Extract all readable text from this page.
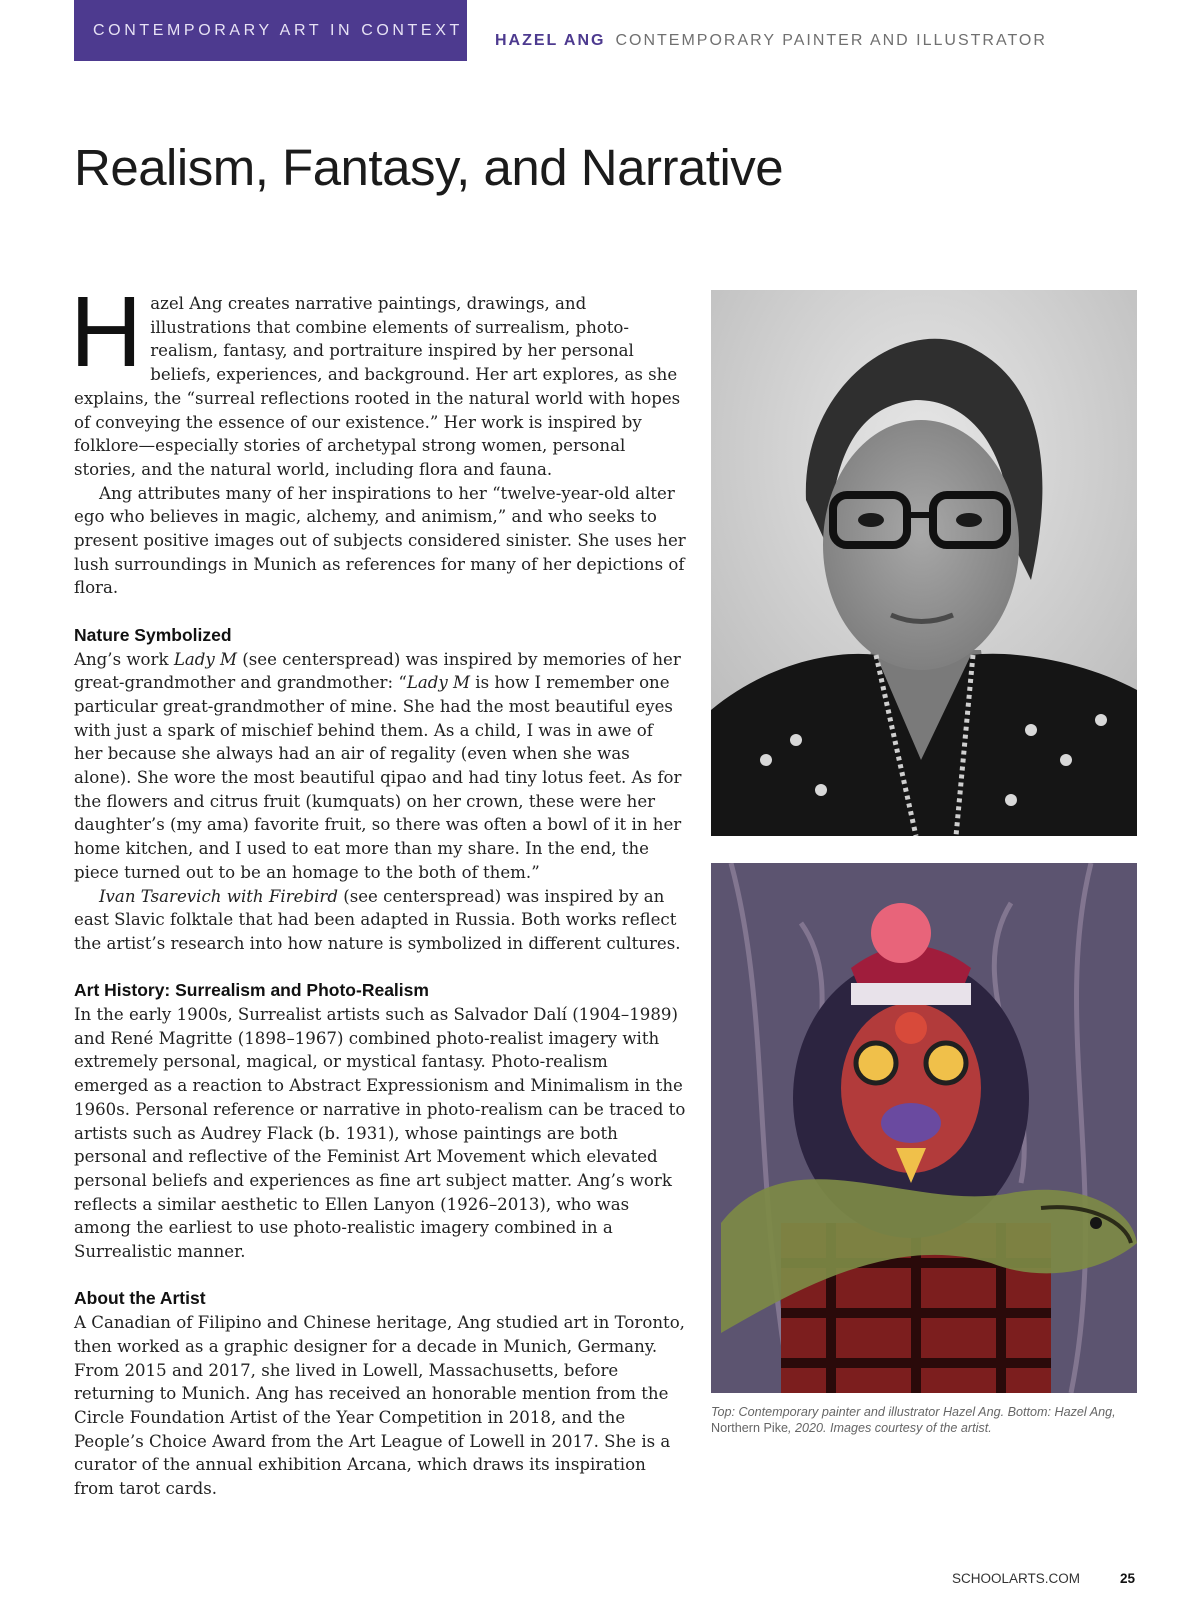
CONTEMPORARY ART IN CONTEXT
HAZEL ANG CONTEMPORARY PAINTER AND ILLUSTRATOR
Realism, Fantasy, and Narrative

Hazel Ang creates narrative paintings, drawings, and illustrations that combine elements of surrealism, photo-realism, fantasy, and portraiture inspired by her personal beliefs, experiences, and background. Her art explores, as she explains, the “surreal reflections rooted in the natural world with hopes of conveying the essence of our existence.” Her work is inspired by folklore—especially stories of archetypal strong women, personal stories, and the natural world, including flora and fauna.

Ang attributes many of her inspirations to her “twelve-year-old alter ego who believes in magic, alchemy, and animism,” and who seeks to present positive images out of subjects considered sinister. She uses her lush surroundings in Munich as references for many of her depictions of flora.

Nature Symbolized

Ang’s work Lady M (see centerspread) was inspired by memories of her great-grandmother and grandmother: “Lady M is how I remember one particular great-grandmother of mine. She had the most beautiful eyes with just a spark of mischief behind them. As a child, I was in awe of her because she always had an air of regality (even when she was alone). She wore the most beautiful qipao and had tiny lotus feet. As for the flowers and citrus fruit (kumquats) on her crown, these were her daughter’s (my ama) favorite fruit, so there was often a bowl of it in her home kitchen, and I used to eat more than my share. In the end, the piece turned out to be an homage to the both of them.”

Ivan Tsarevich with Firebird (see centerspread) was inspired by an east Slavic folktale that had been adapted in Russia. Both works reflect the artist’s research into how nature is symbolized in different cultures.

Art History: Surrealism and Photo-Realism

In the early 1900s, Surrealist artists such as Salvador Dalí (1904–1989) and René Magritte (1898–1967) combined photo-realist imagery with extremely personal, magical, or mystical fantasy. Photo-realism emerged as a reaction to Abstract Expressionism and Minimalism in the 1960s. Personal reference or narrative in photo-realism can be traced to artists such as Audrey Flack (b. 1931), whose paintings are both personal and reflective of the Feminist Art Movement which elevated personal beliefs and experiences as fine art subject matter. Ang’s work reflects a similar aesthetic to Ellen Lanyon (1926–2013), who was among the earliest to use photo-realistic imagery combined in a Surrealistic manner.

About the Artist

A Canadian of Filipino and Chinese heritage, Ang studied art in Toronto, then worked as a graphic designer for a decade in Munich, Germany. From 2015 and 2017, she lived in Lowell, Massachusetts, before returning to Munich. Ang has received an honorable mention from the Circle Foundation Artist of the Year Competition in 2018, and the People’s Choice Award from the Art League of Lowell in 2017. She is a curator of the annual exhibition Arcana, which draws its inspiration from tarot cards.

Top: Contemporary painter and illustrator Hazel Ang. Bottom: Hazel Ang, Northern Pike, 2020. Images courtesy of the artist.
SCHOOLARTS.COM	25
